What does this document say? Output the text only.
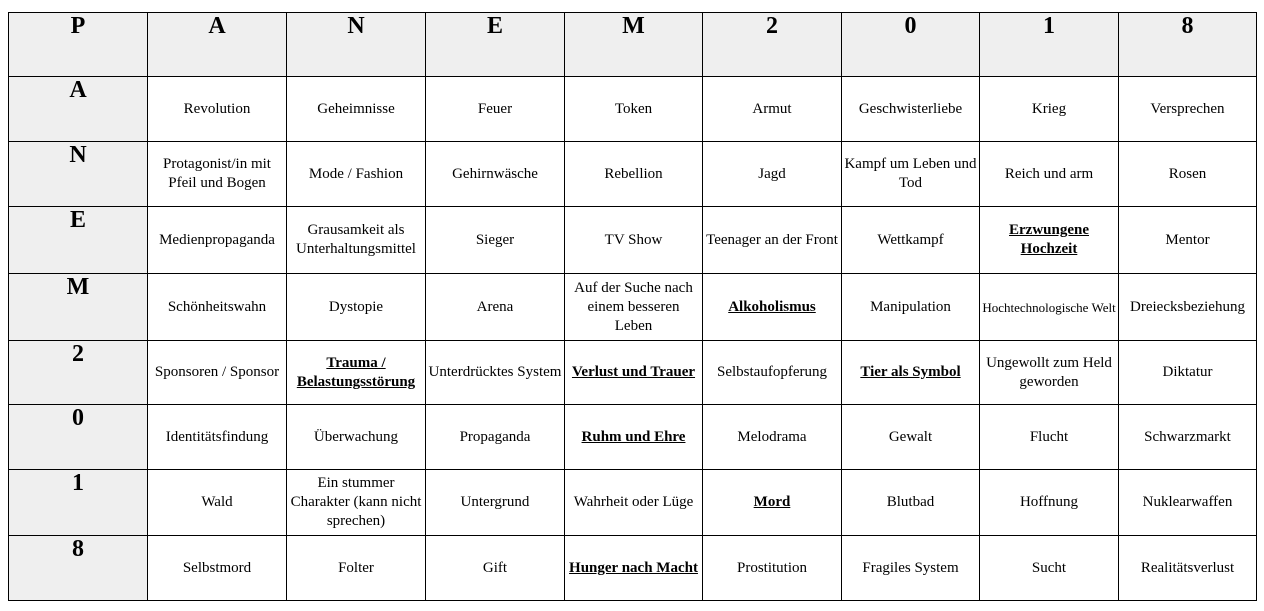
P	A	N	E	M	2	0	1	8
A	Revolution	Geheimnisse	Feuer	Token	Armut	Geschwisterliebe	Krieg	Versprechen
N	Protagonist/in mit Pfeil und Bogen	Mode / Fashion	Gehirnwäsche	Rebellion	Jagd	Kampf um Leben und Tod	Reich und arm	Rosen
E	Medienpropaganda	Grausamkeit als Unterhaltungsmittel	Sieger	TV Show	Teenager an der Front	Wettkampf	Erzwungene Hochzeit	Mentor
M	Schönheitswahn	Dystopie	Arena	Auf der Suche nach einem besseren Leben	Alkoholismus	Manipulation	Hochtechnologische Welt	Dreiecksbeziehung
2	Sponsoren / Sponsor	Trauma / Belastungsstörung	Unterdrücktes System	Verlust und Trauer	Selbstaufopferung	Tier als Symbol	Ungewollt zum Held geworden	Diktatur
0	Identitätsfindung	Überwachung	Propaganda	Ruhm und Ehre	Melodrama	Gewalt	Flucht	Schwarzmarkt
1	Wald	Ein stummer Charakter (kann nicht sprechen)	Untergrund	Wahrheit oder Lüge	Mord	Blutbad	Hoffnung	Nuklearwaffen
8	Selbstmord	Folter	Gift	Hunger nach Macht	Prostitution	Fragiles System	Sucht	Realitätsverlust
